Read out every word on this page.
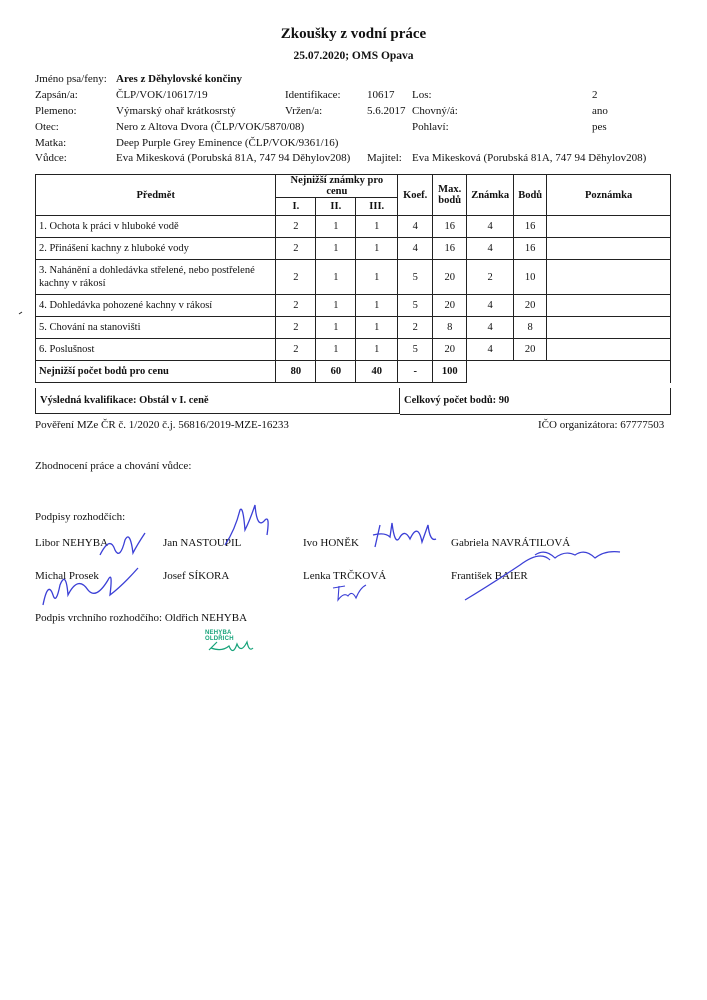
Zkoušky z vodní práce
25.07.2020; OMS Opava
Jméno psa/feny: Ares z Děhylovské končiny
Zapsán/a:	ČLP/VOK/10617/19	Identifikace: 10617 Los:	2
Plemeno:	Výmarský ohař krátkosrstý	Vržen/a:	5.6.2017 Chovný/á:	ano
Otec:	Nero z Altova Dvora (ČLP/VOK/5870/08)	Pohlaví:	pes
Matka:	Deep Purple Grey Eminence (ČLP/VOK/9361/16)
Vůdce:	Eva Mikesková (Porubská 81A, 747 94 Děhylov208) Majitel: Eva Mikesková (Porubská 81A, 747 94 Děhylov208)
Předmět	Nejnižší známky pro cenu			Koef.	Max.
bodů	Známka	Bodů	Poznámka
	I.	II.	III.					
1. Ochota k práci v hluboké vodě	2	1	1	4	16	4	16	
2. Přinášení kachny z hluboké vody	2	1	1	4	16	4	16	
3. Nahánění a dohledávka střelené, nebo postřelené
kachny v rákosí	2	1	1	5	20	2	10	
4. Dohledávka pohozené kachny v rákosí	2	1	1	5	20	4	20	
5. Chování na stanovišti	2	1	1	2	8	4	8	
6. Poslušnost	2	1	1	5	20	4	20	
Nejnižší počet bodů pro cenu	80	60	40	-	100			
Výsledná kvalifikace: Obstál v I. ceně	Celkový počet bodů: 90
Pověření MZe ČR č. 1/2020 č.j. 56816/2019-MZE-16233	IČO organizátora: 67777503
Zhodnocení práce a chování vůdce:
Podpisy rozhodčích:
Libor NEHYBA	Jan NASTOUPIL	Ivo HONĚK	Gabriela NAVRÁTILOVÁ
Michal Prosek	Josef SÍKORA	Lenka TRČKOVÁ	František BAIER
Podpis vrchního rozhodčího: Oldřich NEHYBA
NEHYBA OLDŘICH
